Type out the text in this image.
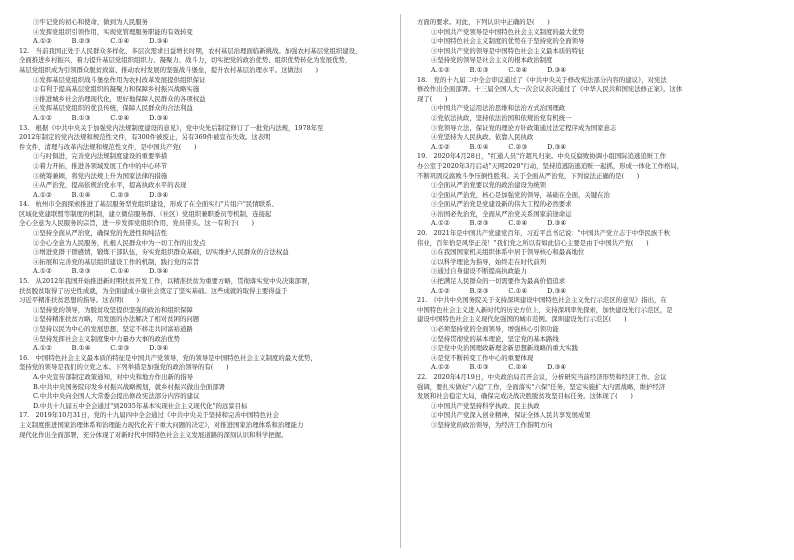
③牢记党的初心和使命，做到为人民服务
④发挥党组织引领作用，实现党管理服务职能的有效转变
A.①②　　　B.②③　　　C.①④　　　D.③④
12.　当前我国正处于人民群众多样化、多层次需求日益增长时期，农村基层治理面临新挑战。加强农村基层党组织建设，
全面推进乡村振兴，着力提升基层党组织组织力、凝聚力、战斗力，切实把党的政治优势、组织优势转化为发展优势，
基层党组织成为引领群众脱贫致富、推动农村发展的坚强战斗堡垒，提升农村基层治理水平。这做法(　　)
①发挥基层党组织战斗堡垒作用为农村改革发展提供组织保证
②有利于提高基层党组织的凝聚力和保障乡村振兴战略实施
③推进城乡社会治理现代化，更好地保障人民群众的各项权益
④发挥基层党组织的优良传统，保障人民群众的合法利益
A.①②　　　B.①③　　　C.②④　　　D.③④
13.　根据《中共中央关于加强党内法规制度建设的意见》，党中央先后制定修订了一批党内法规，1978年至
2012年制定的党内法规和规范性文件，有300件被废止，另有369件被宣布失效。这表明
件文件，清理与改革内法规和规范性文件，是中国共产党(　　)
①与时俱进，完善党内法规制度建设的重要举措
②着力开拓，推进各领域发展工作中的中心环节
③统筹兼顾，将党内法规上升为国家法律的措施
④从严治党，提高依规治党水平，提高执政水平的表现
A.①②　　　B.①④　　　C.②③　　　D.③④
14.　杭州市全面探索推进了基层服务型党组织建设，形成了在全面实行"片组户"民情联系、
区域化党建联盟等制度的机制，建立微信服务群、（社区）党组织兼职委员等机制，连接起
全心全意为人民服务的宗旨，进一步发挥党组织作用，党员带头。这一有利于(　　)
①坚持全面从严治党，确保党的先进性和纯洁性
②全心全意为人民服务，扎根人民群众中为一切工作的出发点
③增进党群干群感情，锻炼干部队伍，夯实党组织群众基础，切实维护人民群众的合法权益
④拓展和完善党的基层组织建设工作的机制，践行党的宗旨
A.①②　　　B.②③　　　C.①④　　　D.③④
15.　从2012年我国开始推进新时期扶贫开发工作，以精准扶贫为重要方略，贯彻落实党中央决策部署，
扶贫脱贫取得了历史性成就，为全面建成小康社会奠定了坚实基础。这些成就的取得主要得益于
习近平精准扶贫思想的指导。这表明(　　)
①坚持党的领导，为脱贫攻坚提供坚强的政治和组织保障
②坚持精准扶贫方略，用发展的办法解决了相对贫困的问题
③坚持以民为中心的发展思想，坚定不移走共同富裕道路
④坚持发挥社会主义制度集中力量办大事的政治优势
A.①②　　　B.①④　　　C.②③　　　D.③④
16.　中国特色社会主义最本质的特征是中国共产党领导，党的领导是中国特色社会主义制度的最大优势，
坚持党的领导是我们的立党之本。下列举措是加强党的政治领导的有(　　)
A.中央宣传部制定政策通知，对中央和地方作出新的指导
B.中共中央国务院印发乡村振兴战略规划，就乡村振兴做出全面部署
C.中共中央向全国人大常委会提出修改宪法部分内容的建议
D.中共十九届五中全会通过"到2035年基本实现社会主义现代化"的远景目标
17.　2019年10月31日，党的十九届四中全会通过《中共中央关于坚持和完善中国特色社会
主义制度推进国家治理体系和治理能力现代化若干重大问题的决定》，对推进国家治理体系和治理能力
现代化作出全面部署，充分体现了对新时代中国特色社会主义发展道路的深刻认识和科学把握。
方面的要求。对此，下列认识中正确的是(　　)
①中国共产党领导是中国特色社会主义制度的最大优势
②中国特色社会主义制度的优势在于坚持党的全面领导
③中国共产党的领导是中国特色社会主义最本质的特征
④坚持党的领导是社会主义的根本政治制度
A.①②　　　B.①③　　　C.②④　　　D.③④
18.　党的十九届二中全会审议通过了《中共中央关于修改宪法部分内容的建议》，对宪法
修改作出全面部署。十三届全国人大一次会议表决通过了《中华人民共和国宪法修正案》。这体
现了(　　)
①中国共产党运用法治思维和法治方式治国理政
②党依法执政，坚持依法治国和依规治党有机统一
③党领导立法，保证党的理论方针政策通过法定程序成为国家意志
④党坚持为人民执政、依靠人民执政
A.①②　　　B.①④　　　C.②③　　　D.③④
19.　2020年4月28日，"红通人员"许超凡归案。中央反腐败协调小组国际追逃追赃工作
办公室于2020年3月启动"天网2020"行动，坚持追逃防逃追赃一起抓，形成一体化工作格局，
不断巩固反腐败斗争压倒性胜利。关于全面从严治党，下列说法正确的是(　　)
①全面从严治党要以党的政治建设为统领
②全面从严治党，核心是加强党的领导，基础在全面，关键在治
③全面从严治党是党建设新的伟大工程的必然要求
④治国必先治党，全面从严治党关系国家前途命运
A.①②　　　B.②③　　　C.②④　　　D.③④
20.　2021年是中国共产党建党百年，习近平总书记说："中国共产党立志于中华民族千秋
伟业，百年恰是风华正茂！"我们党之所以有如此信心主要是由于中国共产党(　　)
①在我国国家机关组织体系中居于领导核心和最高地位
②以科学理论为指导，始终走在时代前列
③通过自身建设不断提高执政能力
④把满足人民群众的一切需要作为最高价值追求
A.①②　　　B.②③　　　C.①④　　　D.③④
21.　《中共中央国务院关于支持深圳建设中国特色社会主义先行示范区的意见》指出，在
中国特色社会主义进入新时代的历史方位上，支持深圳率先探索，加快建设先行示范区，是
建设中国特色社会主义现代化强国的城市范例。深圳建设先行示范区(　　)
①必须坚持党的全面领导，增强核心引领功能
②坚持贯彻党的基本理论，坚定党的基本路线
③是党中央治国理政新理念新思想新战略的重大实践
④是党不断转变工作中心的重要体现
A.①②　　　B.①③　　　C.②④　　　D.③④
22.　2020年4月19日，中央政治局召开会议，分析研究当前经济形势和经济工作。会议
强调，要扎实做好"六稳"工作，全面落实"六保"任务，坚定实施扩大内需战略，维护经济
发展和社会稳定大局，确保完成决战决胜脱贫攻坚目标任务。这体现了(　　)
①中国共产党坚持科学执政、民主执政
②中国共产党深入创业精神，保证全体人民共享发展成果
③坚持党的政治领导，为经济工作指明方向
